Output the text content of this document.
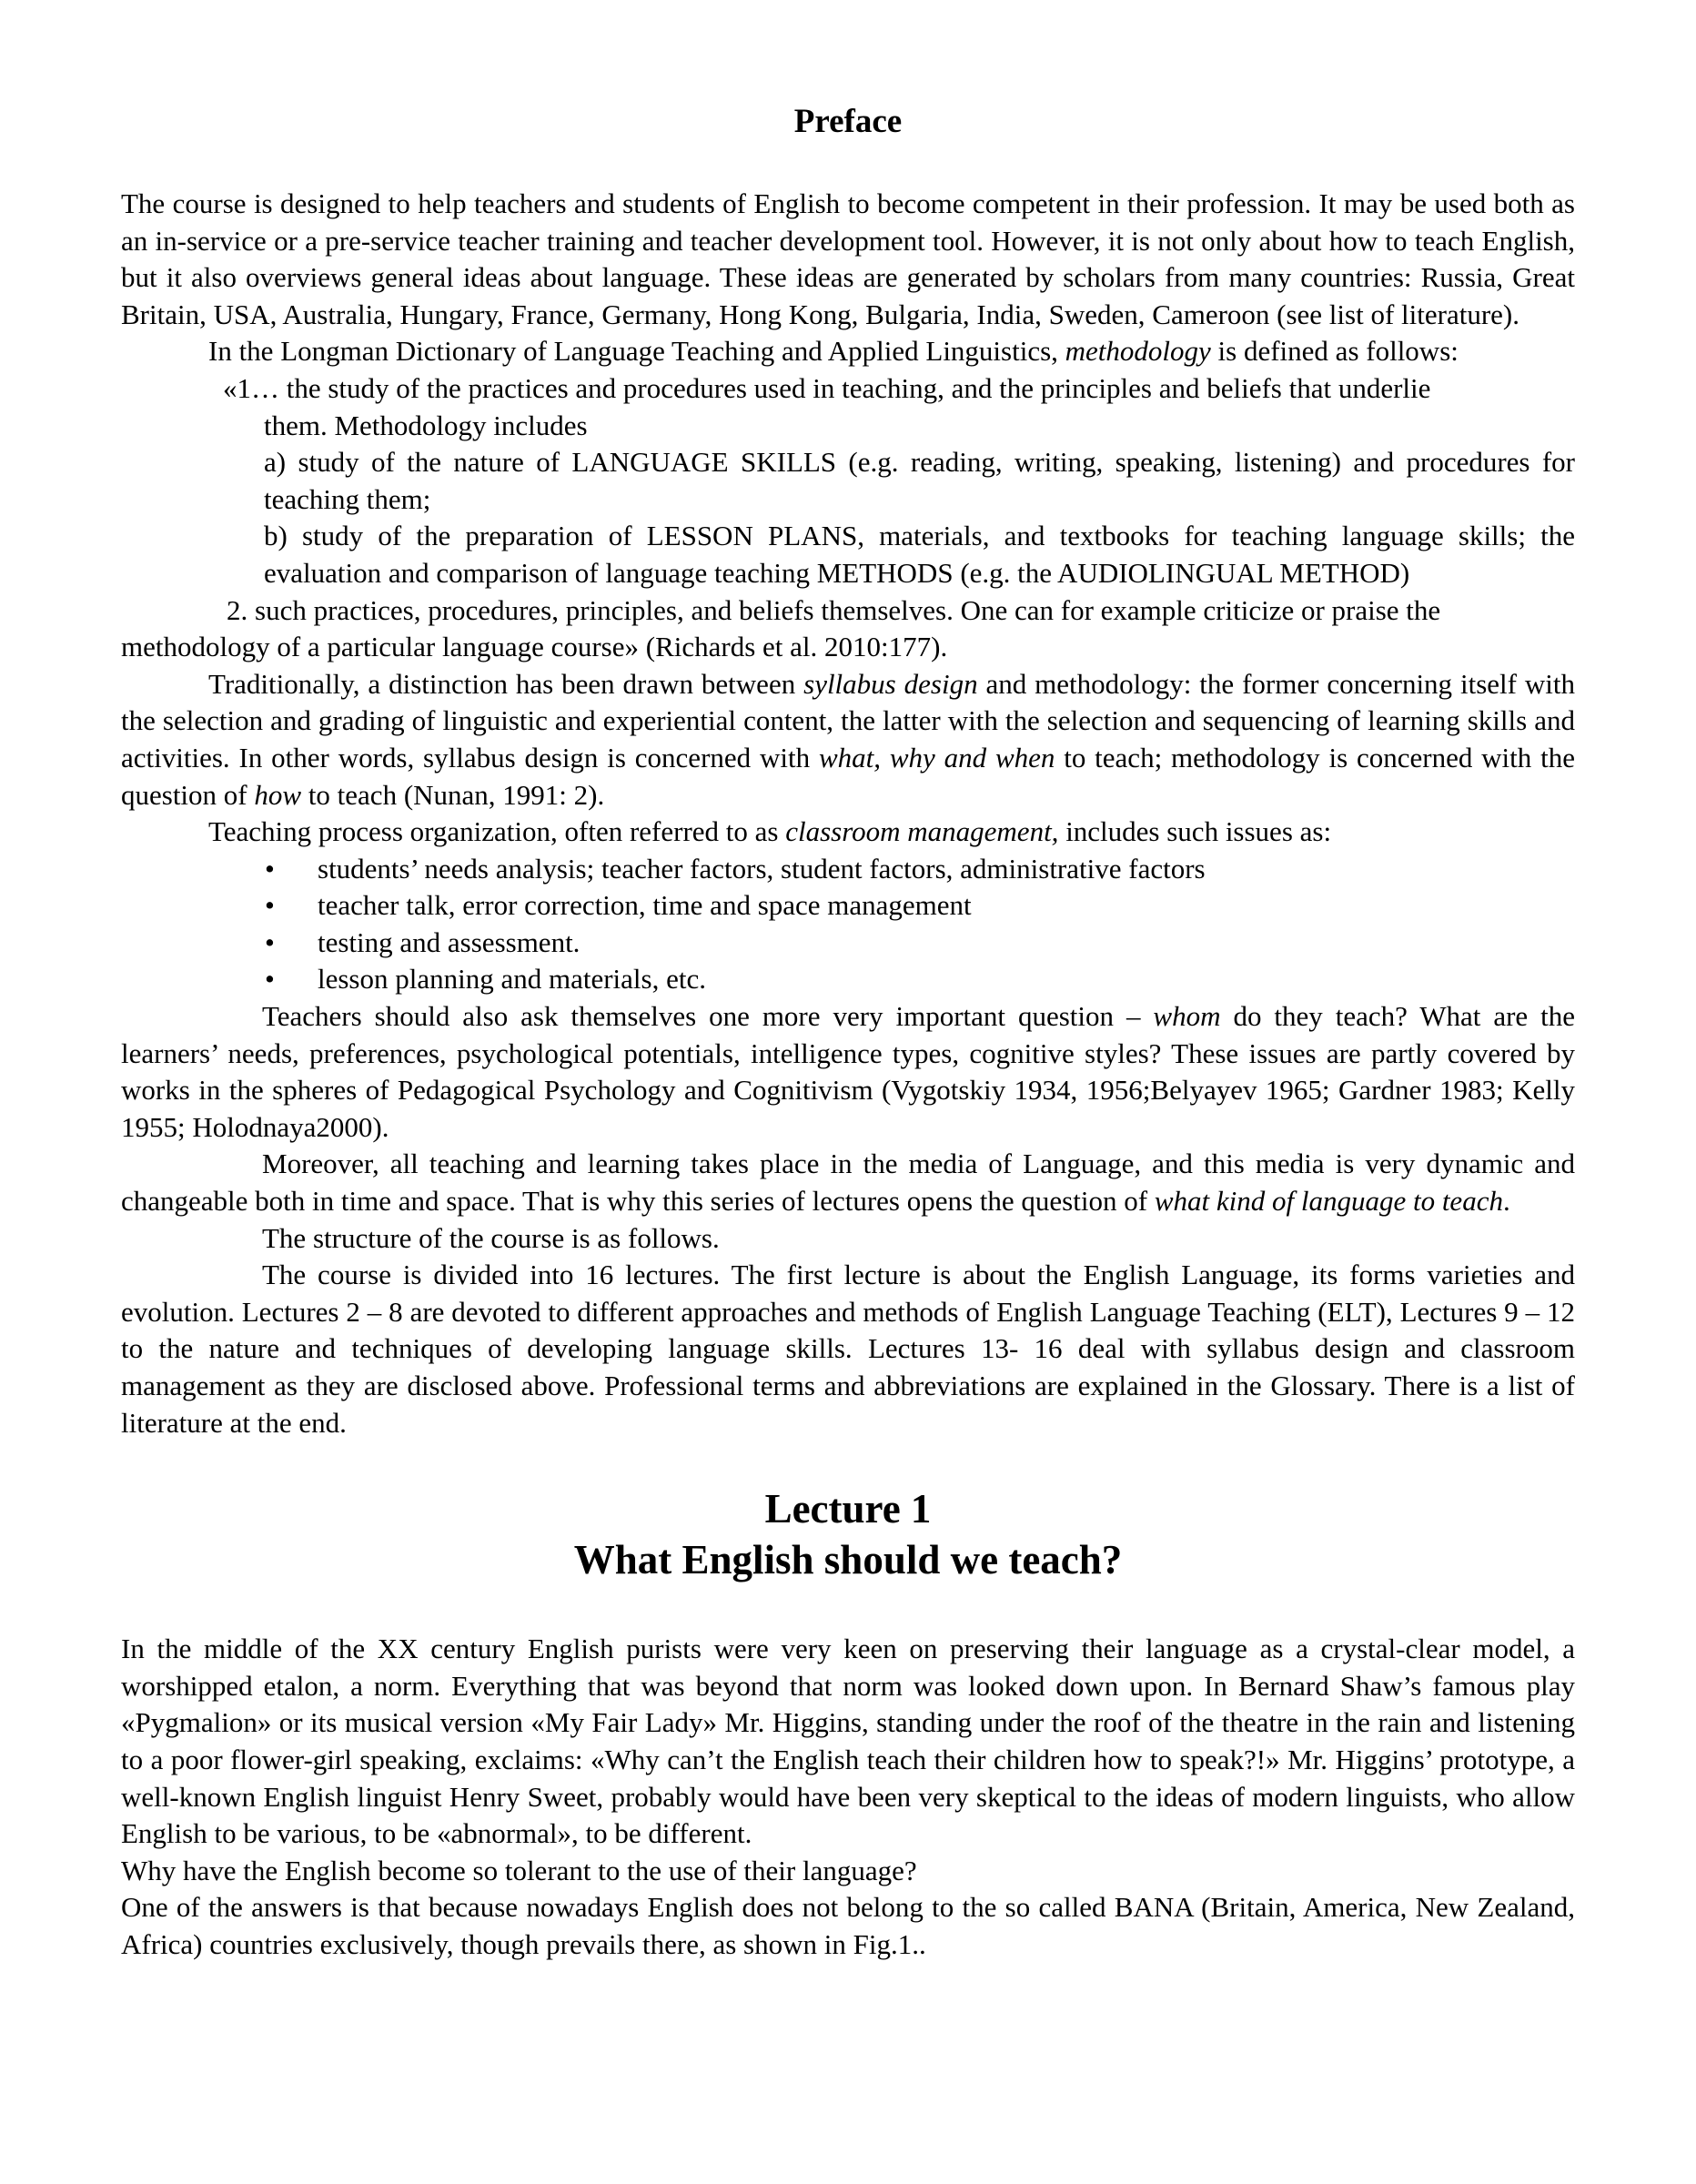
Preface

The course is designed to help teachers and students of English to become competent in their profession. It may be used both as an in-service or a pre-service teacher training and teacher development tool. However, it is not only about how to teach English, but it also overviews general ideas about language. These ideas are generated by scholars from many countries: Russia, Great Britain, USA, Australia, Hungary, France, Germany, Hong Kong, Bulgaria, India, Sweden, Cameroon (see list of literature).

In the Longman Dictionary of Language Teaching and Applied Linguistics, methodology is defined as follows:

«1… the study of the practices and procedures used in teaching, and the principles and beliefs that underlie

them. Methodology includes

a) study of the nature of LANGUAGE SKILLS (e.g. reading, writing, speaking, listening) and procedures for teaching them;

b) study of the preparation of LESSON PLANS, materials, and textbooks for teaching language skills; the evaluation and comparison of language teaching METHODS (e.g. the AUDIOLINGUAL METHOD)

2. such practices, procedures, principles, and beliefs themselves. One can for example criticize or praise the

methodology of a particular language course» (Richards et al. 2010:177).

Traditionally, a distinction has been drawn between syllabus design and methodology: the former concerning itself with the selection and grading of linguistic and experiential content, the latter with the selection and sequencing of learning skills and activities. In other words, syllabus design is concerned with what, why and when to teach; methodology is concerned with the question of how to teach (Nunan, 1991: 2).

Teaching process organization, often referred to as classroom management, includes such issues as:

• students’ needs analysis; teacher factors, student factors, administrative factors
• teacher talk, error correction, time and space management
• testing and assessment.
• lesson planning and materials, etc.

Teachers should also ask themselves one more very important question – whom do they teach? What are the learners’ needs, preferences, psychological potentials, intelligence types, cognitive styles? These issues are partly covered by works in the spheres of Pedagogical Psychology and Cognitivism (Vygotskiy 1934, 1956;Belyayev 1965; Gardner 1983; Kelly 1955; Holodnaya2000).

Moreover, all teaching and learning takes place in the media of Language, and this media is very dynamic and changeable both in time and space. That is why this series of lectures opens the question of what kind of language to teach.

The structure of the course is as follows.

The course is divided into 16 lectures. The first lecture is about the English Language, its forms varieties and evolution. Lectures 2 – 8 are devoted to different approaches and methods of English Language Teaching (ELT), Lectures 9 – 12 to the nature and techniques of developing language skills. Lectures 13- 16 deal with syllabus design and classroom management as they are disclosed above. Professional terms and abbreviations are explained in the Glossary. There is a list of literature at the end.

Lecture 1
What English should we teach?

In the middle of the XX century English purists were very keen on preserving their language as a crystal-clear model, a worshipped etalon, a norm. Everything that was beyond that norm was looked down upon. In Bernard Shaw’s famous play «Pygmalion» or its musical version «My Fair Lady» Mr. Higgins, standing under the roof of the theatre in the rain and listening to a poor flower-girl speaking, exclaims: «Why can’t the English teach their children how to speak?!» Mr. Higgins’ prototype, a well-known English linguist Henry Sweet, probably would have been very skeptical to the ideas of modern linguists, who allow English to be various, to be «abnormal», to be different.

Why have the English become so tolerant to the use of their language?

One of the answers is that because nowadays English does not belong to the so called BANA (Britain, America, New Zealand, Africa) countries exclusively, though prevails there, as shown in Fig.1..
